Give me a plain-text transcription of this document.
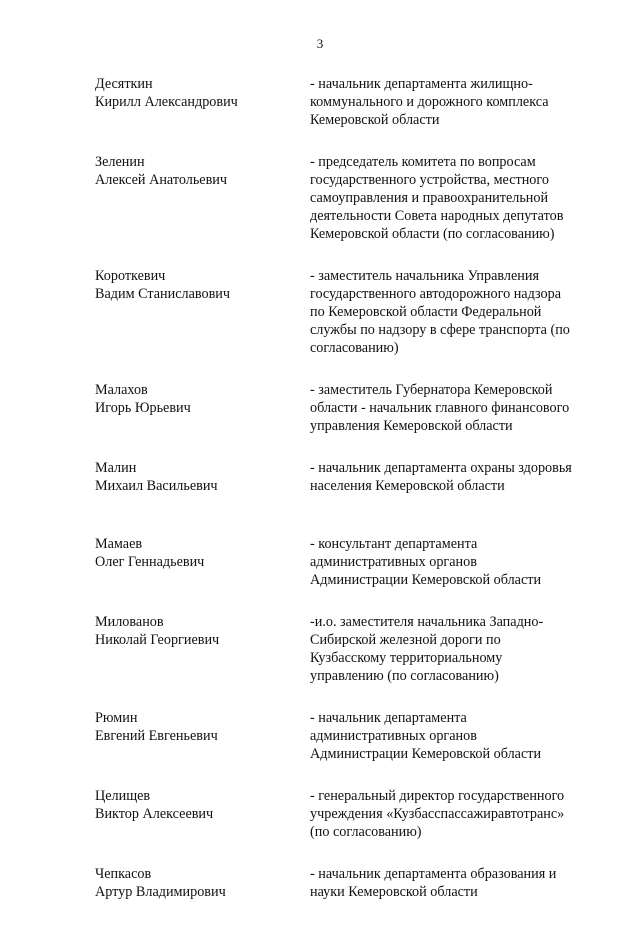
3
Десяткин
Кирилл Александрович
- начальник департамента жилищно-
коммунального и дорожного комплекса
Кемеровской области
Зеленин
Алексей Анатольевич
- председатель комитета по вопросам
государственного устройства, местного
самоуправления и правоохранительной
деятельности Совета народных депутатов
Кемеровской области (по согласованию)
Короткевич
Вадим Станиславович
- заместитель начальника Управления
государственного автодорожного надзора
по Кемеровской области Федеральной
службы по надзору в сфере транспорта (по
согласованию)
Малахов
Игорь Юрьевич
- заместитель Губернатора Кемеровской
области - начальник главного финансового
управления Кемеровской области
Малин
Михаил Васильевич
- начальник департамента охраны здоровья
населения Кемеровской области
Мамаев
Олег Геннадьевич
- консультант департамента
административных органов
Администрации Кемеровской области
Милованов
Николай Георгиевич
-и.о. заместителя начальника Западно-
Сибирской железной дороги по
Кузбасскому территориальному
управлению (по согласованию)
Рюмин
Евгений Евгеньевич
- начальник департамента
административных органов
Администрации Кемеровской области
Целищев
Виктор Алексеевич
- генеральный директор государственного
учреждения «Кузбасспассажиравтотранс»
(по согласованию)
Чепкасов
Артур Владимирович
- начальник департамента образования и
науки Кемеровской области
